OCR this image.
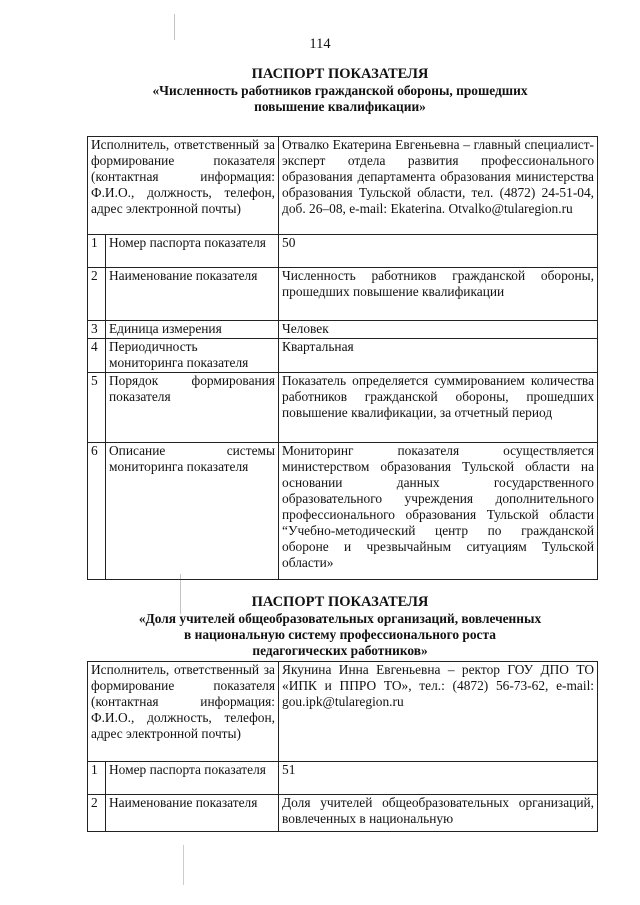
114
ПАСПОРТ ПОКАЗАТЕЛЯ
«Численность работников гражданской обороны, прошедших
повышение квалификации»
Исполнитель, ответственный за формирование показателя (контактная информация: Ф.И.О., должность, телефон, адрес электронной почты)		Отвалко Екатерина Евгеньевна – главный специалист-эксперт отдела развития профессионального образования департамента образования министерства образования Тульской области, тел. (4872) 24-51-04, доб. 26–08, e-mail: Ekaterina. Otvalko@tularegion.ru
1	Номер паспорта показателя	50
2	Наименование показателя	Численность работников гражданской обороны, прошедших повышение квалификации
3	Единица измерения	Человек
4	Периодичность мониторинга показателя	Квартальная
5	Порядок формирования показателя	Показатель определяется суммированием количества работников гражданской обороны, прошедших повышение квалификации, за отчетный период
6	Описание системы мониторинга показателя	Мониторинг показателя осуществляется министерством образования Тульской области на основании данных государственного образовательного учреждения дополнительного профессионального образования Тульской области “Учебно-методический центр по гражданской обороне и чрезвычайным ситуациям Тульской области»
ПАСПОРТ ПОКАЗАТЕЛЯ
«Доля учителей общеобразовательных организаций, вовлеченных
в национальную систему профессионального роста
педагогических работников»
Исполнитель, ответственный за формирование показателя (контактная информация: Ф.И.О., должность, телефон, адрес электронной почты)		Якунина Инна Евгеньевна – ректор ГОУ ДПО ТО «ИПК и ППРО ТО», тел.: (4872) 56-73-62, e-mail: gou.ipk@tularegion.ru
1	Номер паспорта показателя	51
2	Наименование показателя	Доля учителей общеобразовательных организаций, вовлеченных в национальную
